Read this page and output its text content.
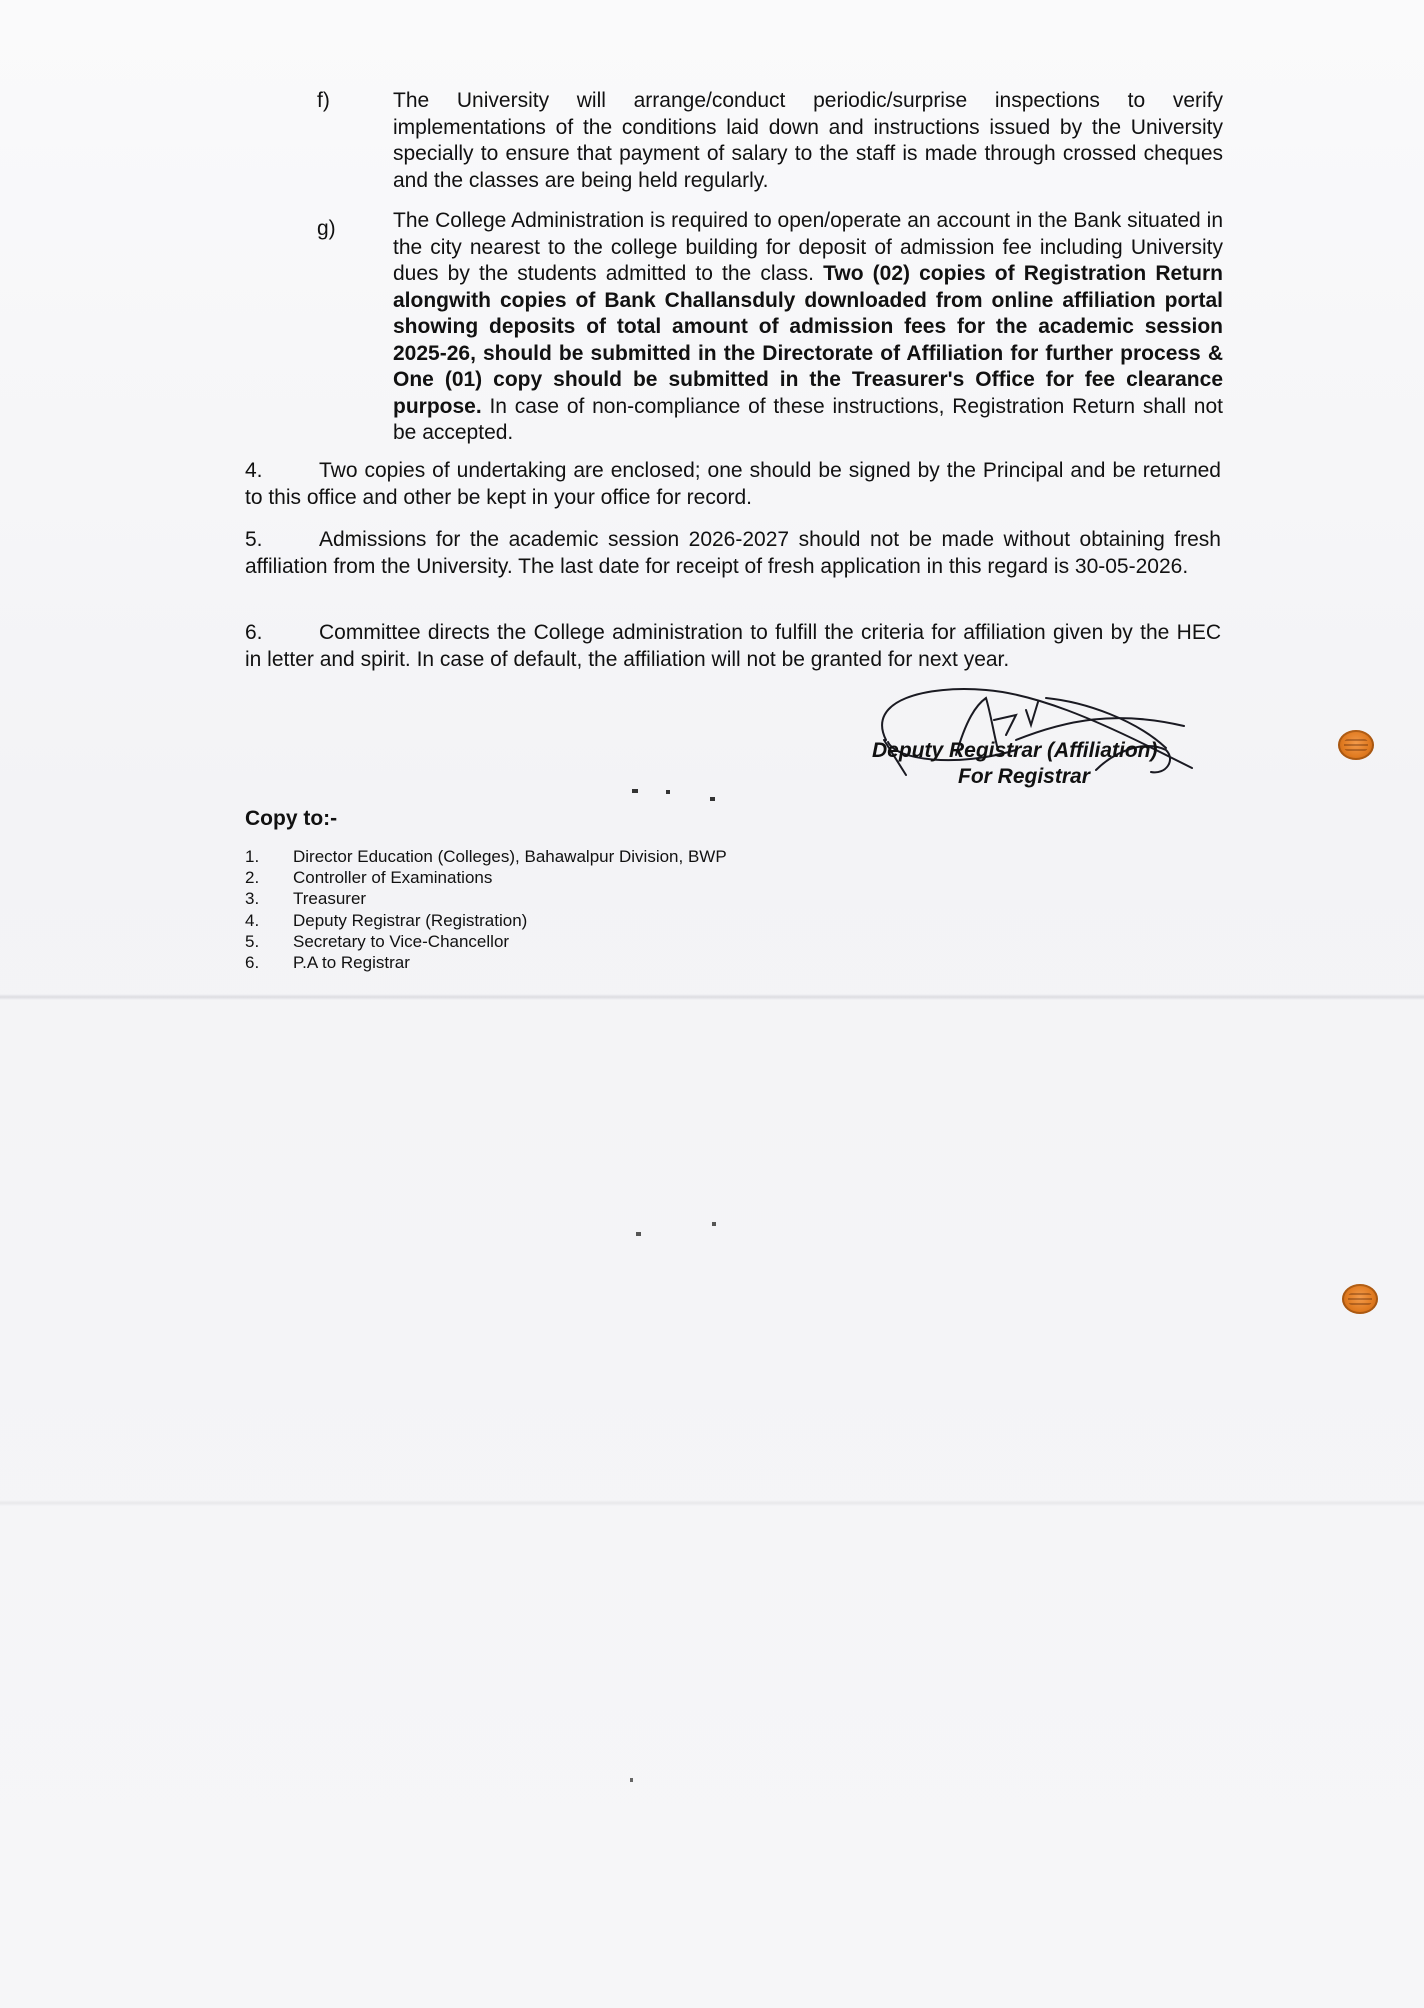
f)	The University will arrange/conduct periodic/surprise inspections to verify implementations of the conditions laid down and instructions issued by the University specially to ensure that payment of salary to the staff is made through crossed cheques and the classes are being held regularly.
g)	The College Administration is required to open/operate an account in the Bank situated in the city nearest to the college building for deposit of admission fee including University dues by the students admitted to the class. Two (02) copies of Registration Return alongwith copies of Bank Challansduly downloaded from online affiliation portal showing deposits of total amount of admission fees for the academic session 2025-26, should be submitted in the Directorate of Affiliation for further process & One (01) copy should be submitted in the Treasurer's Office for fee clearance purpose. In case of non-compliance of these instructions, Registration Return shall not be accepted.
4.	Two copies of undertaking are enclosed; one should be signed by the Principal and be returned to this office and other be kept in your office for record.
5.	Admissions for the academic session 2026-2027 should not be made without obtaining fresh affiliation from the University. The last date for receipt of fresh application in this regard is 30-05-2026.
6.	Committee directs the College administration to fulfill the criteria for affiliation given by the HEC in letter and spirit. In case of default, the affiliation will not be granted for next year.
Deputy Registrar (Affiliation)
For Registrar
Copy to:-
1. Director Education (Colleges), Bahawalpur Division, BWP
2. Controller of Examinations
3. Treasurer
4. Deputy Registrar (Registration)
5. Secretary to Vice-Chancellor
6. P.A to Registrar
